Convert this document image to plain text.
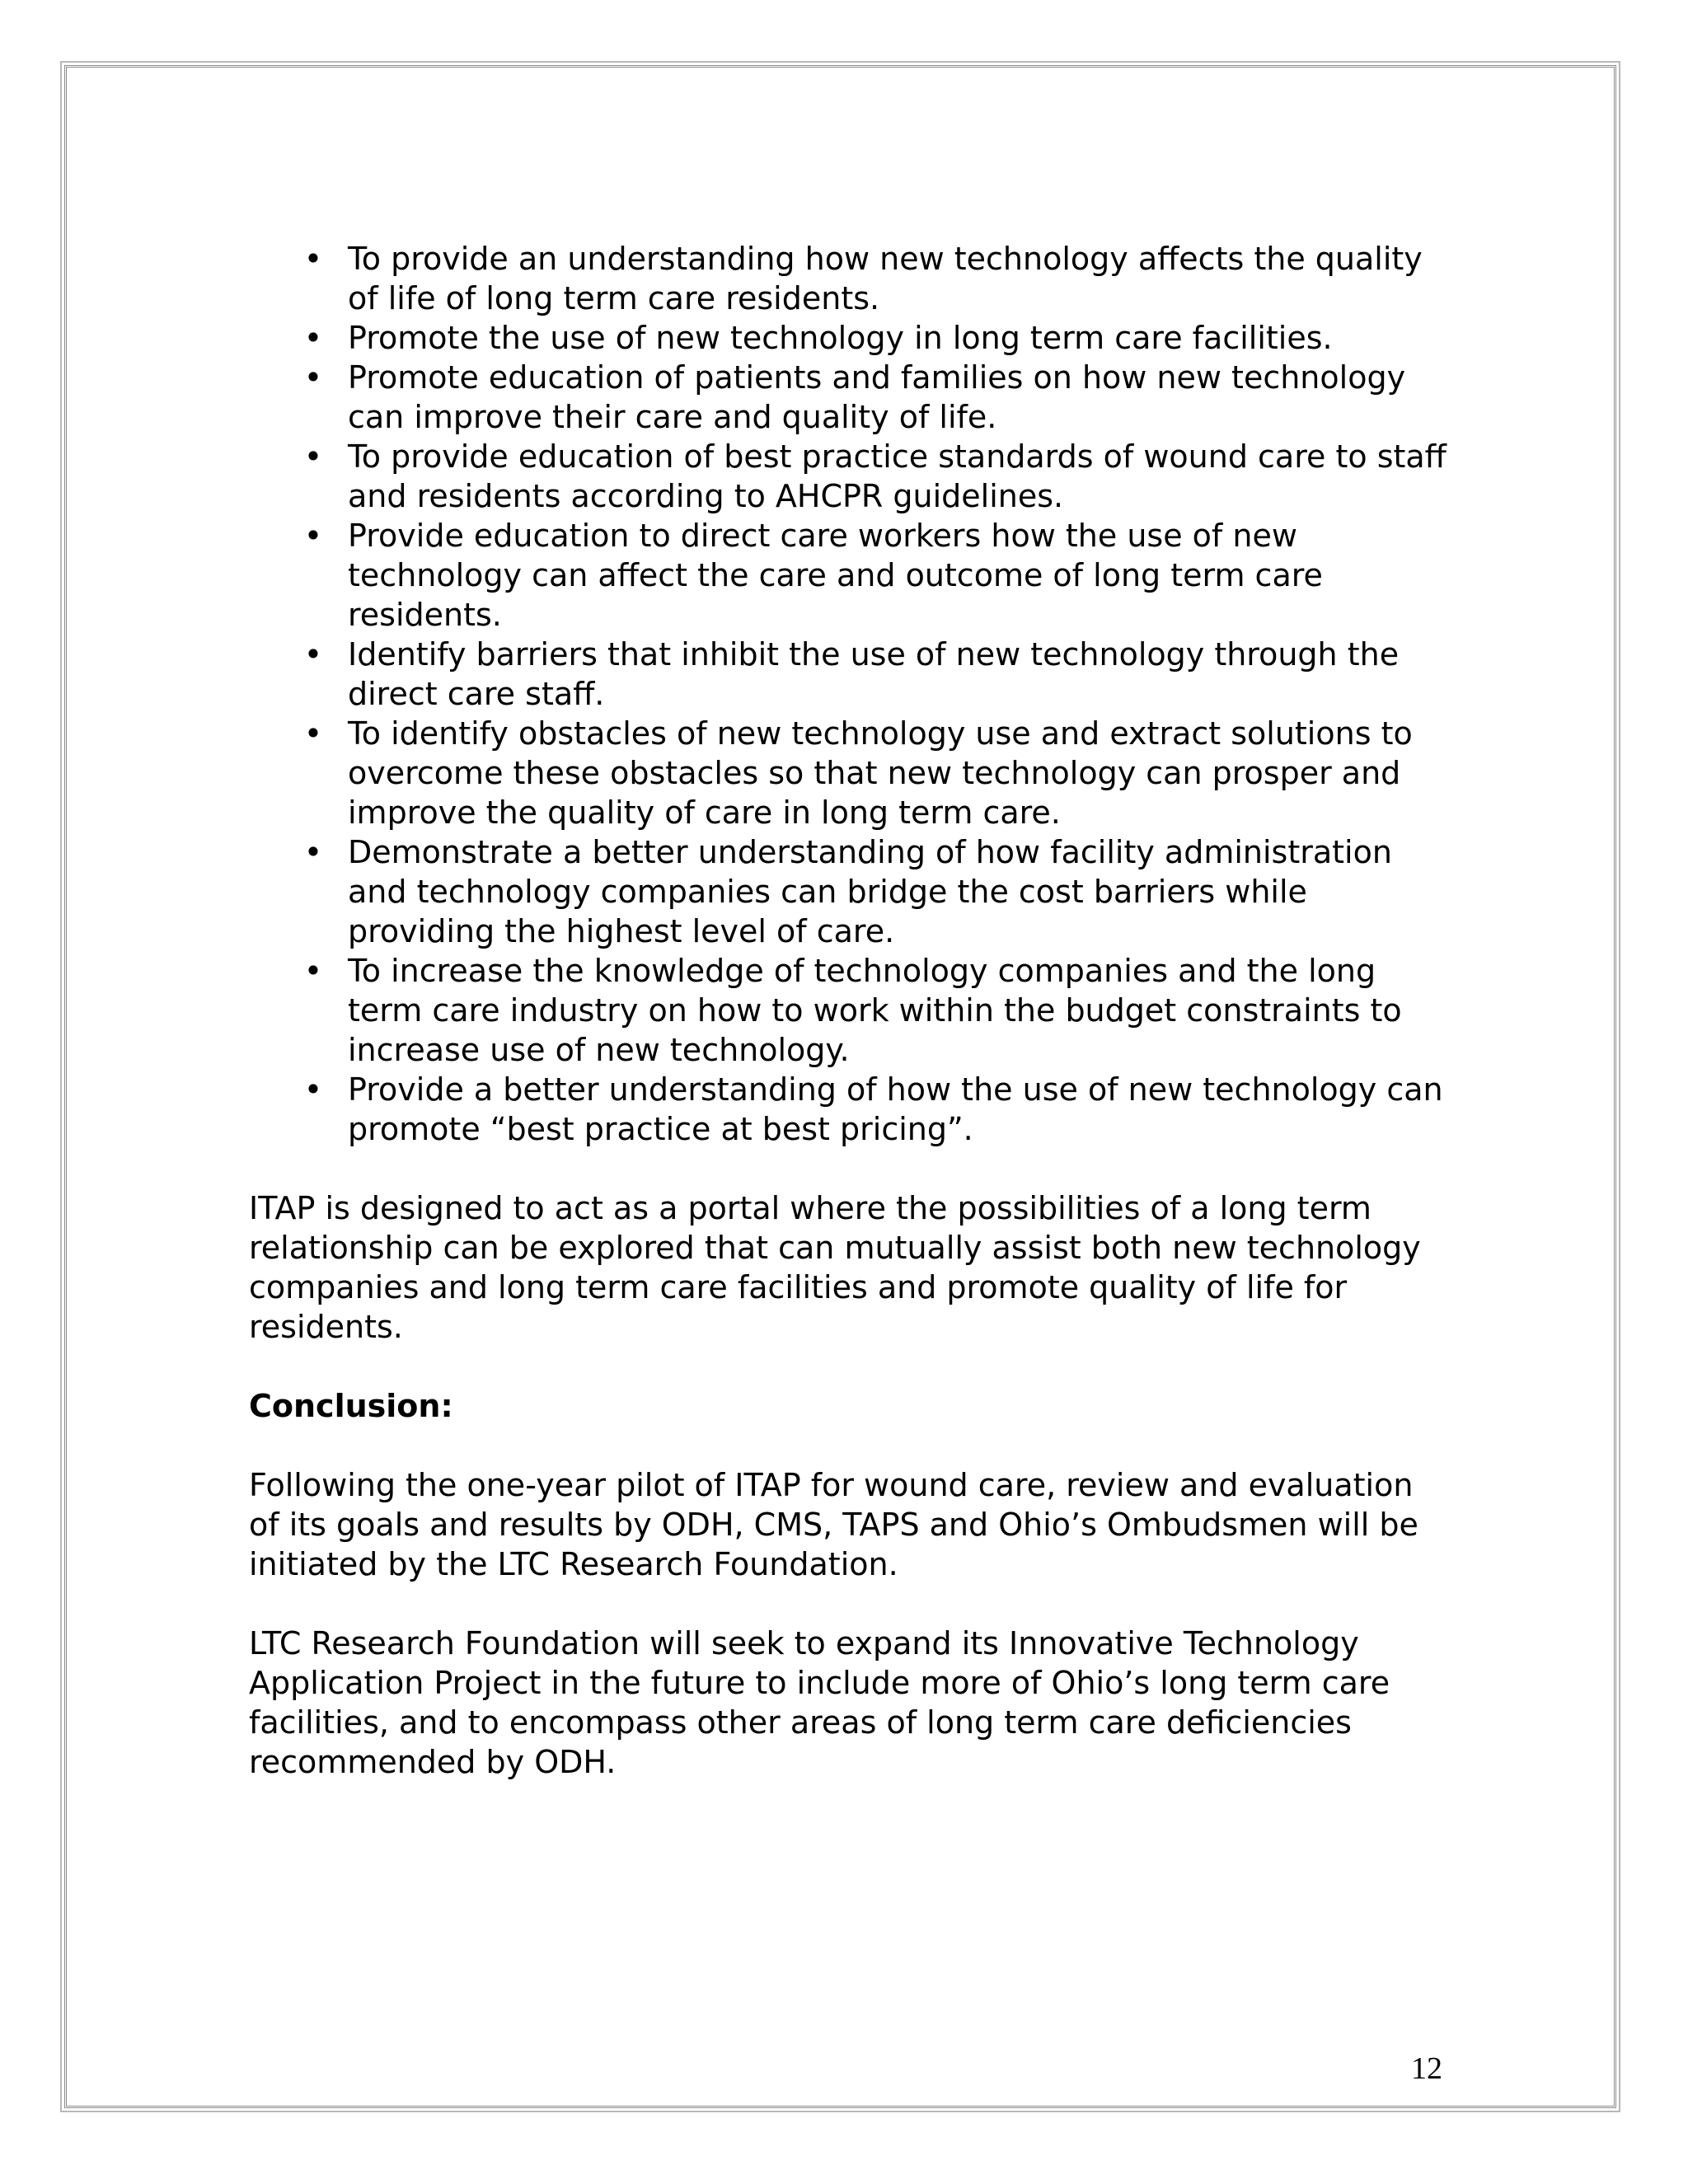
• To provide an understanding how new technology affects the quality of life of long term care residents.
• Promote the use of new technology in long term care facilities.
• Promote education of patients and families on how new technology can improve their care and quality of life.
• To provide education of best practice standards of wound care to staff and residents according to AHCPR guidelines.
• Provide education to direct care workers how the use of new technology can affect the care and outcome of long term care residents.
• Identify barriers that inhibit the use of new technology through the direct care staff.
• To identify obstacles of new technology use and extract solutions to overcome these obstacles so that new technology can prosper and improve the quality of care in long term care.
• Demonstrate a better understanding of how facility administration and technology companies can bridge the cost barriers while providing the highest level of care.
• To increase the knowledge of technology companies and the long term care industry on how to work within the budget constraints to increase use of new technology.
• Provide a better understanding of how the use of new technology can promote “best practice at best pricing”.

ITAP is designed to act as a portal where the possibilities of a long term relationship can be explored that can mutually assist both new technology companies and long term care facilities and promote quality of life for residents.

Conclusion:

Following the one-year pilot of ITAP for wound care, review and evaluation of its goals and results by ODH, CMS, TAPS and Ohio’s Ombudsmen will be initiated by the LTC Research Foundation.

LTC Research Foundation will seek to expand its Innovative Technology Application Project in the future to include more of Ohio’s long term care facilities, and to encompass other areas of long term care deficiencies recommended by ODH.

12
